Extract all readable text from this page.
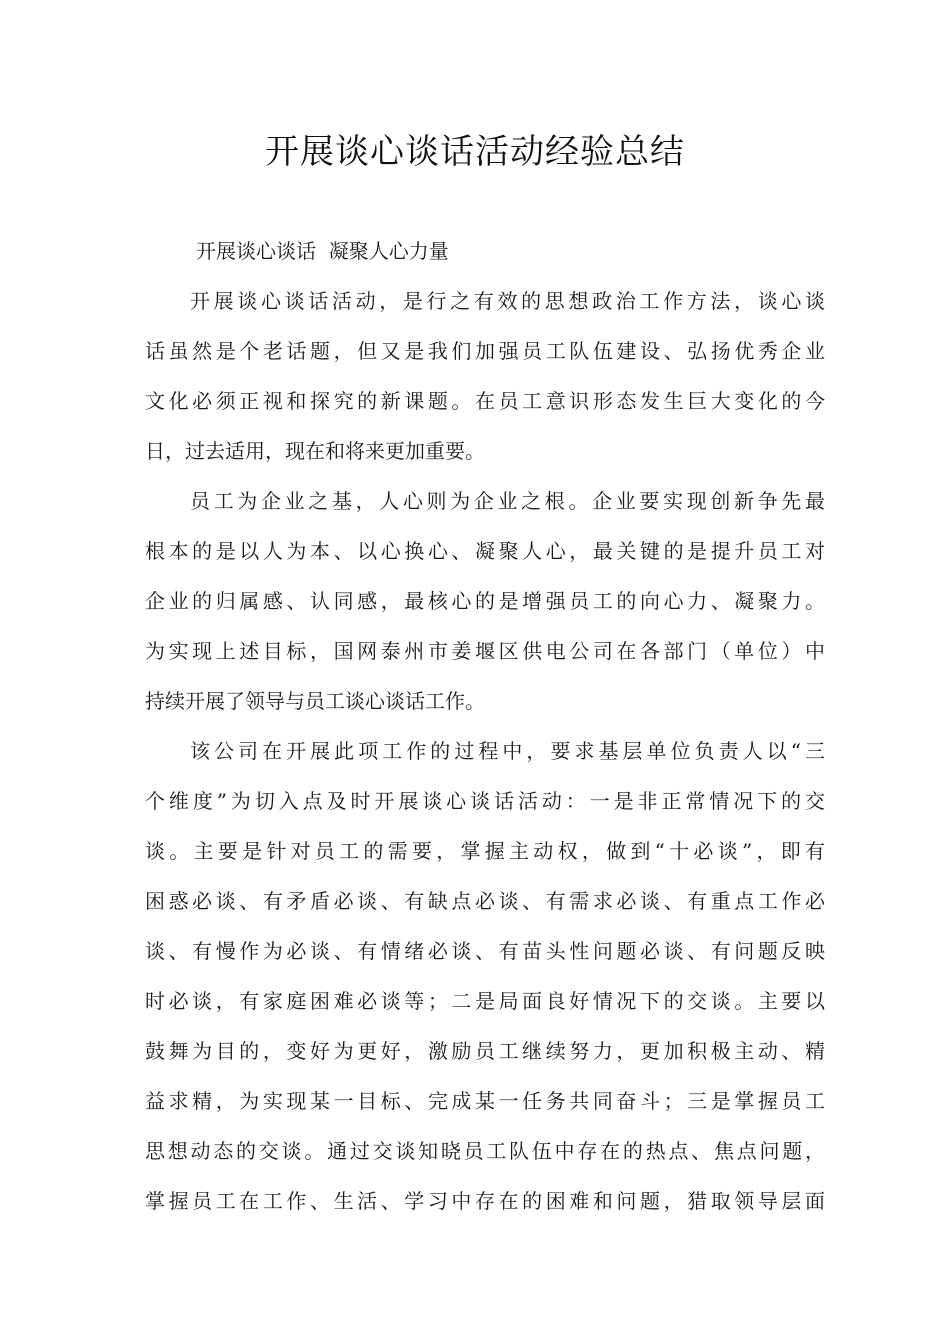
开展谈心谈话活动经验总结
开展谈心谈话  凝聚人心力量
开展谈心谈话活动，是行之有效的思想政治工作方法，谈心谈
话虽然是个老话题，但又是我们加强员工队伍建设、弘扬优秀企业
文化必须正视和探究的新课题。在员工意识形态发生巨大变化的今
日，过去适用，现在和将来更加重要。
员工为企业之基，人心则为企业之根。企业要实现创新争先最
根本的是以人为本、以心换心、凝聚人心，最关键的是提升员工对
企业的归属感、认同感，最核心的是增强员工的向心力、凝聚力。
为实现上述目标，国网泰州市姜堰区供电公司在各部门（单位）中
持续开展了领导与员工谈心谈话工作。
该公司在开展此项工作的过程中，要求基层单位负责人以“三
个维度”为切入点及时开展谈心谈话活动：一是非正常情况下的交
谈。主要是针对员工的需要，掌握主动权，做到“十必谈”，即有
困惑必谈、有矛盾必谈、有缺点必谈、有需求必谈、有重点工作必
谈、有慢作为必谈、有情绪必谈、有苗头性问题必谈、有问题反映
时必谈，有家庭困难必谈等；二是局面良好情况下的交谈。主要以
鼓舞为目的，变好为更好，激励员工继续努力，更加积极主动、精
益求精，为实现某一目标、完成某一任务共同奋斗；三是掌握员工
思想动态的交谈。通过交谈知晓员工队伍中存在的热点、焦点问题，
掌握员工在工作、生活、学习中存在的困难和问题，猎取领导层面
